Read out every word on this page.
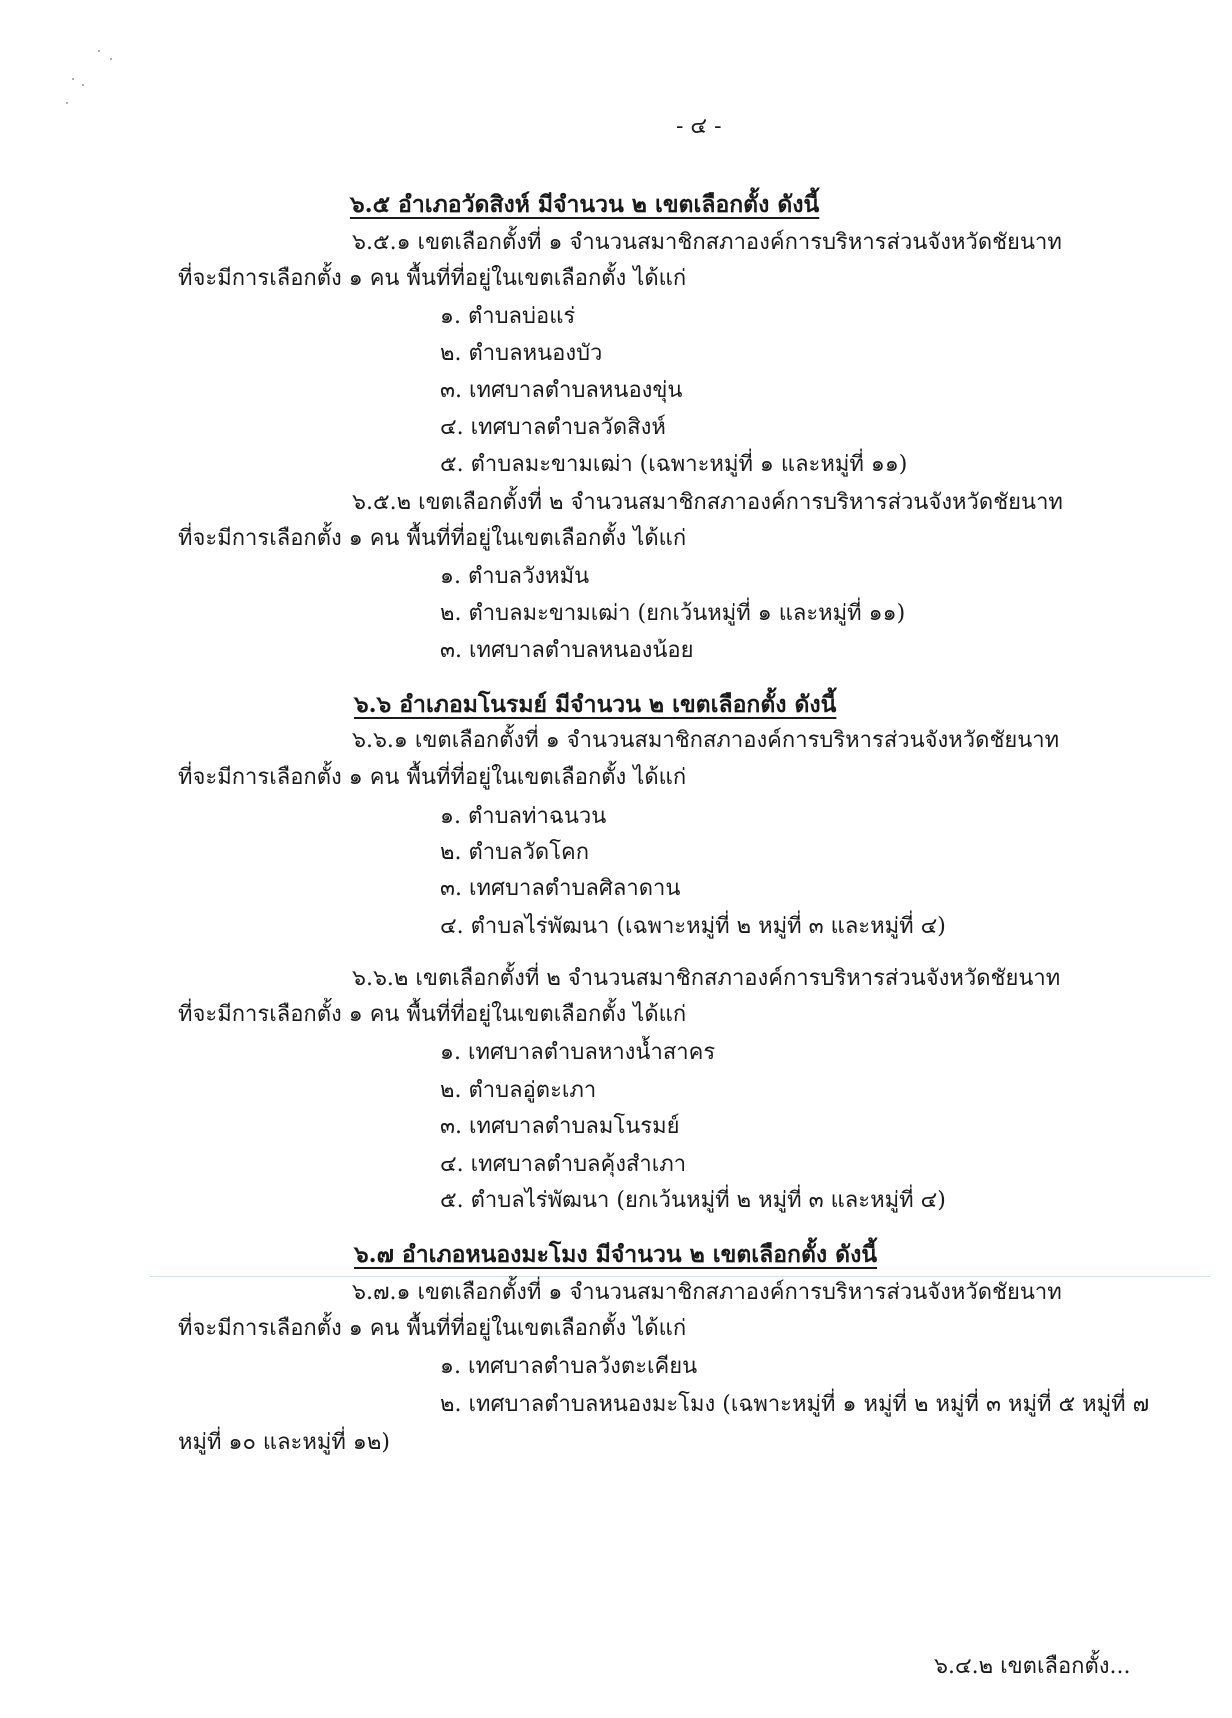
- ๔ -
๖.๕ อำเภอวัดสิงห์ มีจำนวน ๒ เขตเลือกตั้ง ดังนี้
๖.๕.๑ เขตเลือกตั้งที่ ๑ จำนวนสมาชิกสภาองค์การบริหารส่วนจังหวัดชัยนาท
ที่จะมีการเลือกตั้ง ๑ คน พื้นที่ที่อยู่ในเขตเลือกตั้ง ได้แก่
๑. ตำบลบ่อแร่
๒. ตำบลหนองบัว
๓. เทศบาลตำบลหนองขุ่น
๔. เทศบาลตำบลวัดสิงห์
๕. ตำบลมะขามเฒ่า (เฉพาะหมู่ที่ ๑ และหมู่ที่ ๑๑)
๖.๕.๒ เขตเลือกตั้งที่ ๒ จำนวนสมาชิกสภาองค์การบริหารส่วนจังหวัดชัยนาท
ที่จะมีการเลือกตั้ง ๑ คน พื้นที่ที่อยู่ในเขตเลือกตั้ง ได้แก่
๑. ตำบลวังหมัน
๒. ตำบลมะขามเฒ่า (ยกเว้นหมู่ที่ ๑ และหมู่ที่ ๑๑)
๓. เทศบาลตำบลหนองน้อย
๖.๖ อำเภอมโนรมย์ มีจำนวน ๒ เขตเลือกตั้ง ดังนี้
๖.๖.๑ เขตเลือกตั้งที่ ๑ จำนวนสมาชิกสภาองค์การบริหารส่วนจังหวัดชัยนาท
ที่จะมีการเลือกตั้ง ๑ คน พื้นที่ที่อยู่ในเขตเลือกตั้ง ได้แก่
๑. ตำบลท่าฉนวน
๒. ตำบลวัดโคก
๓. เทศบาลตำบลศิลาดาน
๔. ตำบลไร่พัฒนา (เฉพาะหมู่ที่ ๒ หมู่ที่ ๓ และหมู่ที่ ๔)
๖.๖.๒ เขตเลือกตั้งที่ ๒ จำนวนสมาชิกสภาองค์การบริหารส่วนจังหวัดชัยนาท
ที่จะมีการเลือกตั้ง ๑ คน พื้นที่ที่อยู่ในเขตเลือกตั้ง ได้แก่
๑. เทศบาลตำบลหางน้ำสาคร
๒. ตำบลอู่ตะเภา
๓. เทศบาลตำบลมโนรมย์
๔. เทศบาลตำบลคุ้งสำเภา
๕. ตำบลไร่พัฒนา (ยกเว้นหมู่ที่ ๒ หมู่ที่ ๓ และหมู่ที่ ๔)
๖.๗ อำเภอหนองมะโมง มีจำนวน ๒ เขตเลือกตั้ง ดังนี้
๖.๗.๑ เขตเลือกตั้งที่ ๑ จำนวนสมาชิกสภาองค์การบริหารส่วนจังหวัดชัยนาท
ที่จะมีการเลือกตั้ง ๑ คน พื้นที่ที่อยู่ในเขตเลือกตั้ง ได้แก่
๑. เทศบาลตำบลวังตะเคียน
๒. เทศบาลตำบลหนองมะโมง (เฉพาะหมู่ที่ ๑ หมู่ที่ ๒ หมู่ที่ ๓ หมู่ที่ ๕ หมู่ที่ ๗
หมู่ที่ ๑๐ และหมู่ที่ ๑๒)
๖.๔.๒ เขตเลือกตั้ง...
